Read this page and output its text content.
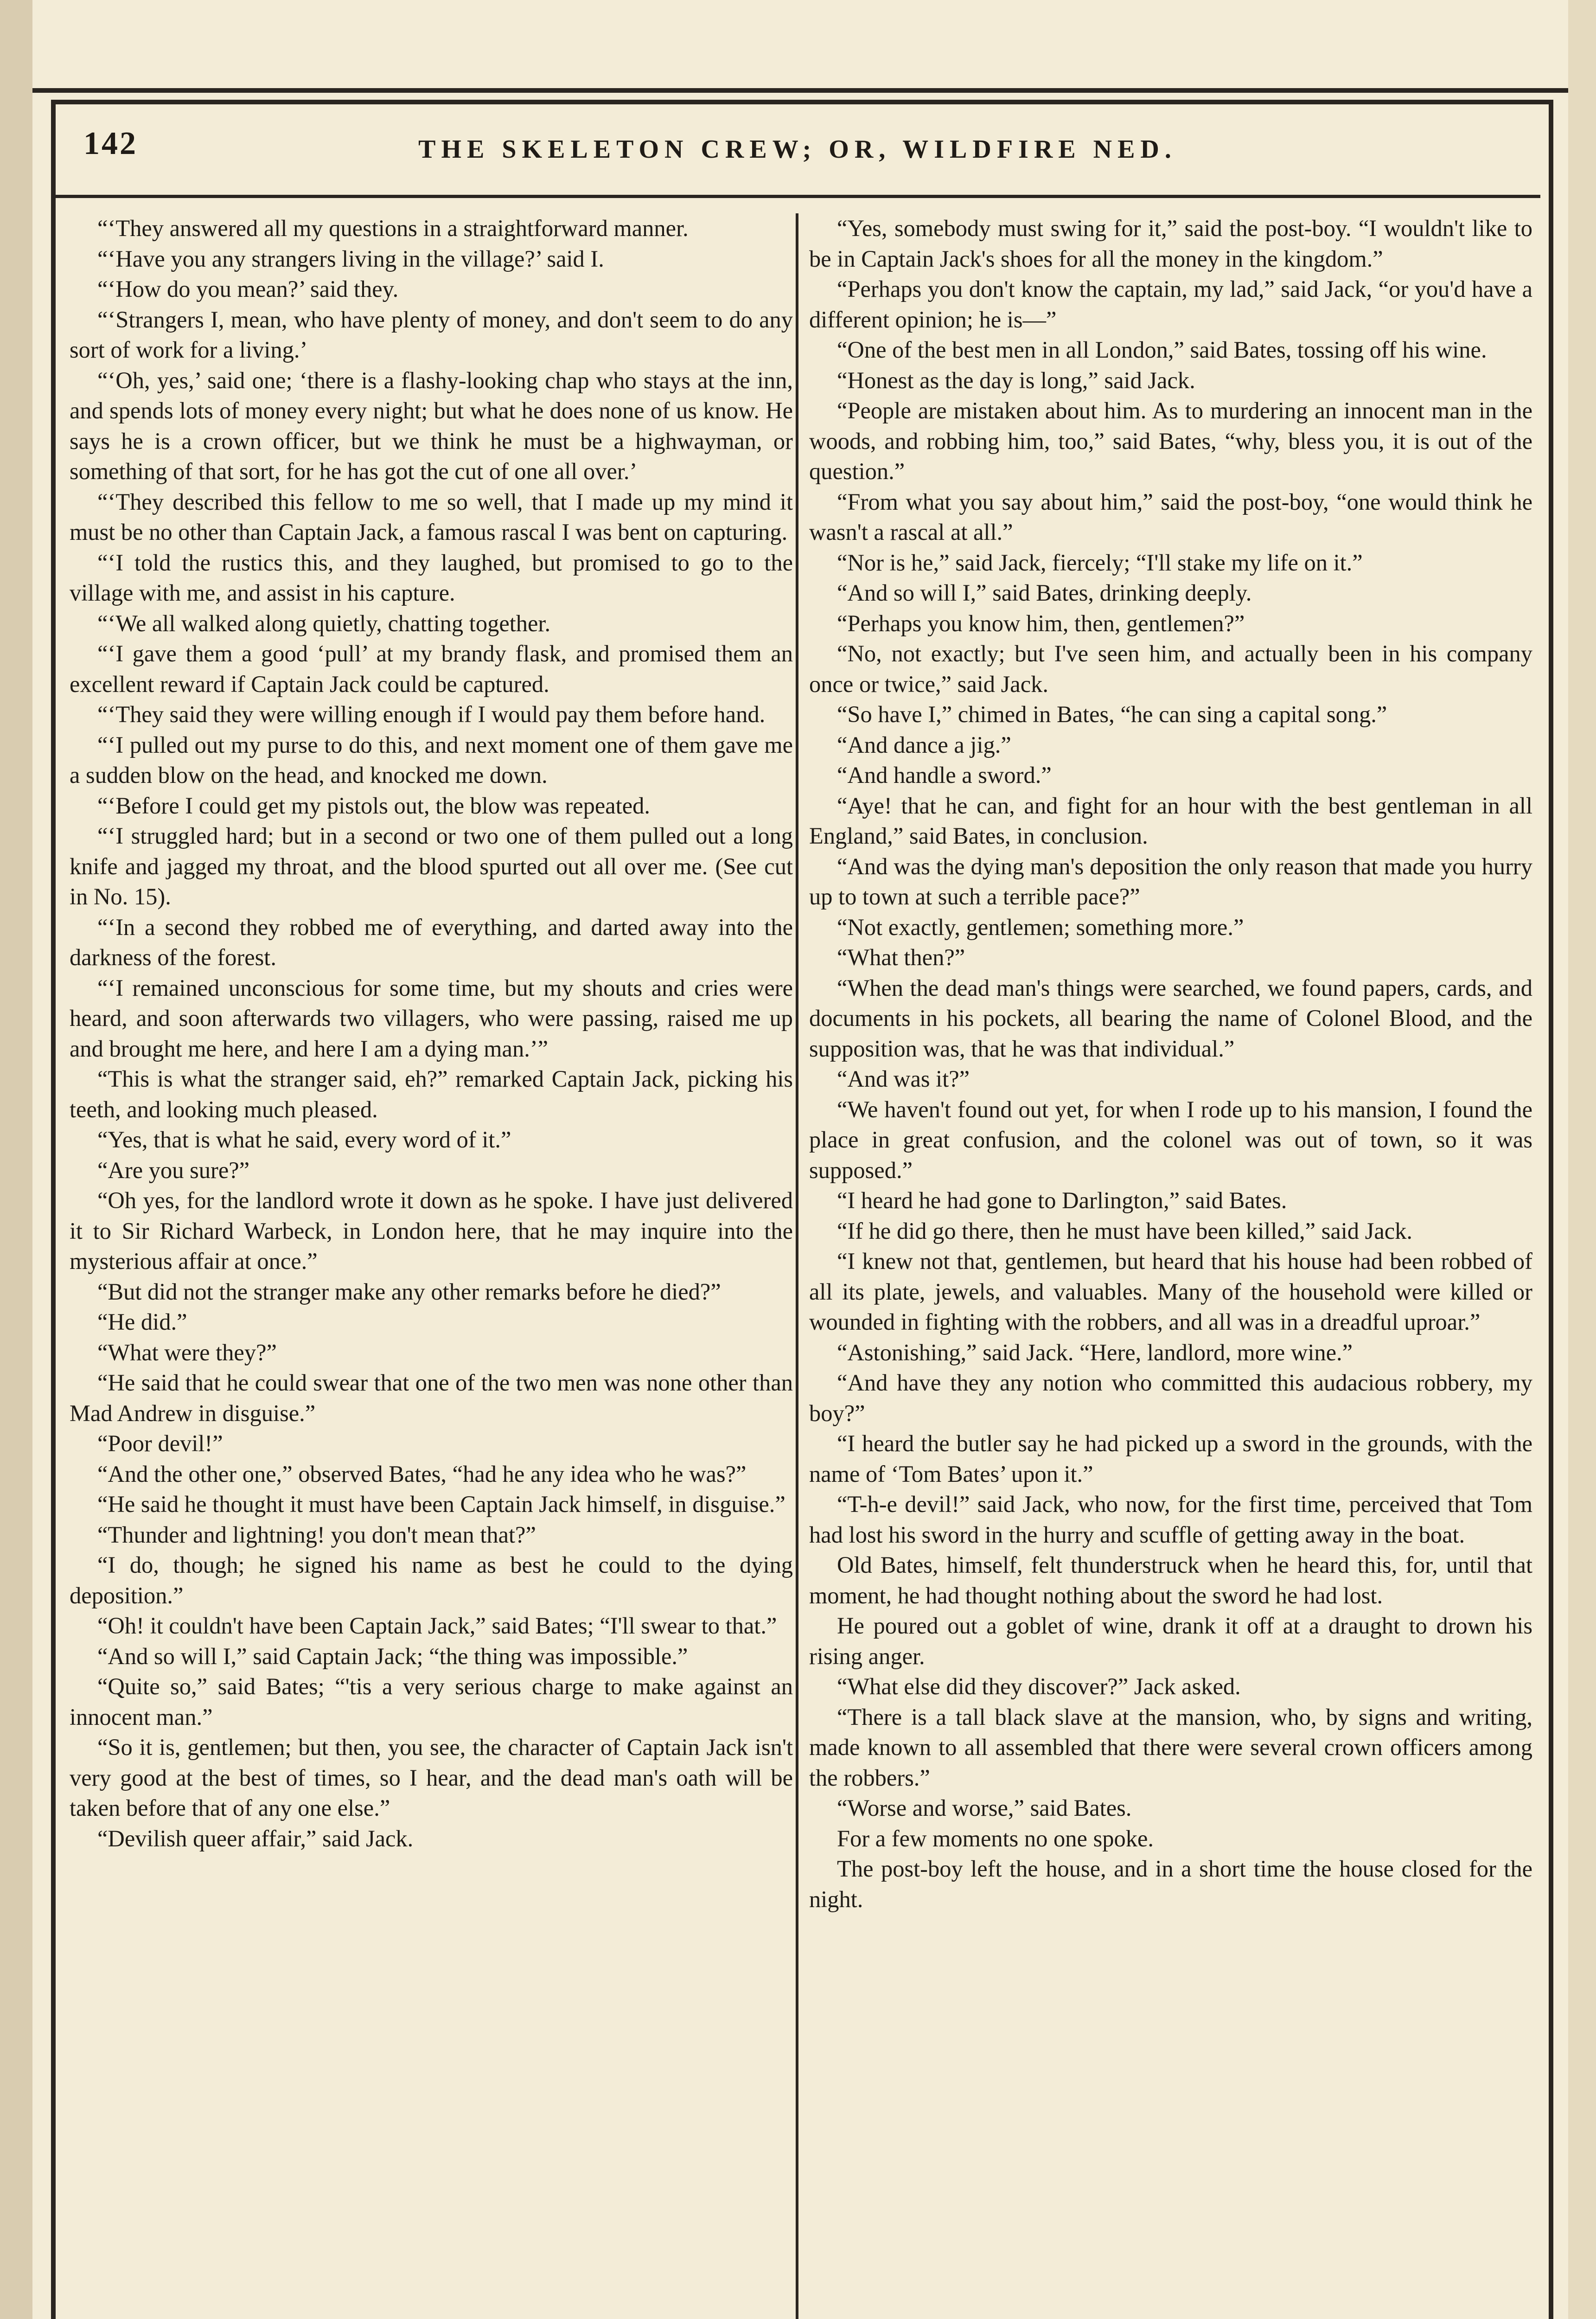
142	THE SKELETON CREW; OR, WILDFIRE NED.

“‘They answered all my questions in a straightforward manner.

“‘Have you any strangers living in the village?’ said I.

“‘How do you mean?’ said they.

“‘Strangers I, mean, who have plenty of money, and don't seem to do any sort of work for a living.’

“‘Oh, yes,’ said one; ‘there is a flashy-looking chap who stays at the inn, and spends lots of money every night; but what he does none of us know. He says he is a crown officer, but we think he must be a highwayman, or something of that sort, for he has got the cut of one all over.’

“‘They described this fellow to me so well, that I made up my mind it must be no other than Captain Jack, a famous rascal I was bent on capturing.

“‘I told the rustics this, and they laughed, but promised to go to the village with me, and assist in his capture.

“‘We all walked along quietly, chatting together.

“‘I gave them a good ‘pull’ at my brandy flask, and promised them an excellent reward if Captain Jack could be captured.

“‘They said they were willing enough if I would pay them before hand.

“‘I pulled out my purse to do this, and next moment one of them gave me a sudden blow on the head, and knocked me down.

“‘Before I could get my pistols out, the blow was repeated.

“‘I struggled hard; but in a second or two one of them pulled out a long knife and jagged my throat, and the blood spurted out all over me. (See cut in No. 15).

“‘In a second they robbed me of everything, and darted away into the darkness of the forest.

“‘I remained unconscious for some time, but my shouts and cries were heard, and soon afterwards two villagers, who were passing, raised me up and brought me here, and here I am a dying man.’”

“This is what the stranger said, eh?” remarked Captain Jack, picking his teeth, and looking much pleased.

“Yes, that is what he said, every word of it.”

“Are you sure?”

“Oh yes, for the landlord wrote it down as he spoke. I have just delivered it to Sir Richard Warbeck, in London here, that he may inquire into the mysterious affair at once.”

“But did not the stranger make any other remarks before he died?”

“He did.”

“What were they?”

“He said that he could swear that one of the two men was none other than Mad Andrew in disguise.”

“Poor devil!”

“And the other one,” observed Bates, “had he any idea who he was?”

“He said he thought it must have been Captain Jack himself, in disguise.”

“Thunder and lightning! you don't mean that?”

“I do, though; he signed his name as best he could to the dying deposition.”

“Oh! it couldn't have been Captain Jack,” said Bates; “I'll swear to that.”

“And so will I,” said Captain Jack; “the thing was impossible.”

“Quite so,” said Bates; “'tis a very serious charge to make against an innocent man.”

“So it is, gentlemen; but then, you see, the character of Captain Jack isn't very good at the best of times, so I hear, and the dead man's oath will be taken before that of any one else.”

“Devilish queer affair,” said Jack.

“Yes, somebody must swing for it,” said the post-boy. “I wouldn't like to be in Captain Jack's shoes for all the money in the kingdom.”

“Perhaps you don't know the captain, my lad,” said Jack, “or you'd have a different opinion; he is—”

“One of the best men in all London,” said Bates, tossing off his wine.

“Honest as the day is long,” said Jack.

“People are mistaken about him. As to murdering an innocent man in the woods, and robbing him, too,” said Bates, “why, bless you, it is out of the question.”

“From what you say about him,” said the post-boy, “one would think he wasn't a rascal at all.”

“Nor is he,” said Jack, fiercely; “I'll stake my life on it.”

“And so will I,” said Bates, drinking deeply.

“Perhaps you know him, then, gentlemen?”

“No, not exactly; but I've seen him, and actually been in his company once or twice,” said Jack.

“So have I,” chimed in Bates, “he can sing a capital song.”

“And dance a jig.”

“And handle a sword.”

“Aye! that he can, and fight for an hour with the best gentleman in all England,” said Bates, in conclusion.

“And was the dying man's deposition the only reason that made you hurry up to town at such a terrible pace?”

“Not exactly, gentlemen; something more.”

“What then?”

“When the dead man's things were searched, we found papers, cards, and documents in his pockets, all bearing the name of Colonel Blood, and the supposition was, that he was that individual.”

“And was it?”

“We haven't found out yet, for when I rode up to his mansion, I found the place in great confusion, and the colonel was out of town, so it was supposed.”

“I heard he had gone to Darlington,” said Bates.

“If he did go there, then he must have been killed,” said Jack.

“I knew not that, gentlemen, but heard that his house had been robbed of all its plate, jewels, and valuables. Many of the household were killed or wounded in fighting with the robbers, and all was in a dreadful uproar.”

“Astonishing,” said Jack. “Here, landlord, more wine.”

“And have they any notion who committed this audacious robbery, my boy?”

“I heard the butler say he had picked up a sword in the grounds, with the name of ‘Tom Bates’ upon it.”

“T-h-e devil!” said Jack, who now, for the first time, perceived that Tom had lost his sword in the hurry and scuffle of getting away in the boat.

Old Bates, himself, felt thunderstruck when he heard this, for, until that moment, he had thought nothing about the sword he had lost.

He poured out a goblet of wine, drank it off at a draught to drown his rising anger.

“What else did they discover?” Jack asked.

“There is a tall black slave at the mansion, who, by signs and writing, made known to all assembled that there were several crown officers among the robbers.”

“Worse and worse,” said Bates.

For a few moments no one spoke.

The post-boy left the house, and in a short time the house closed for the night.
